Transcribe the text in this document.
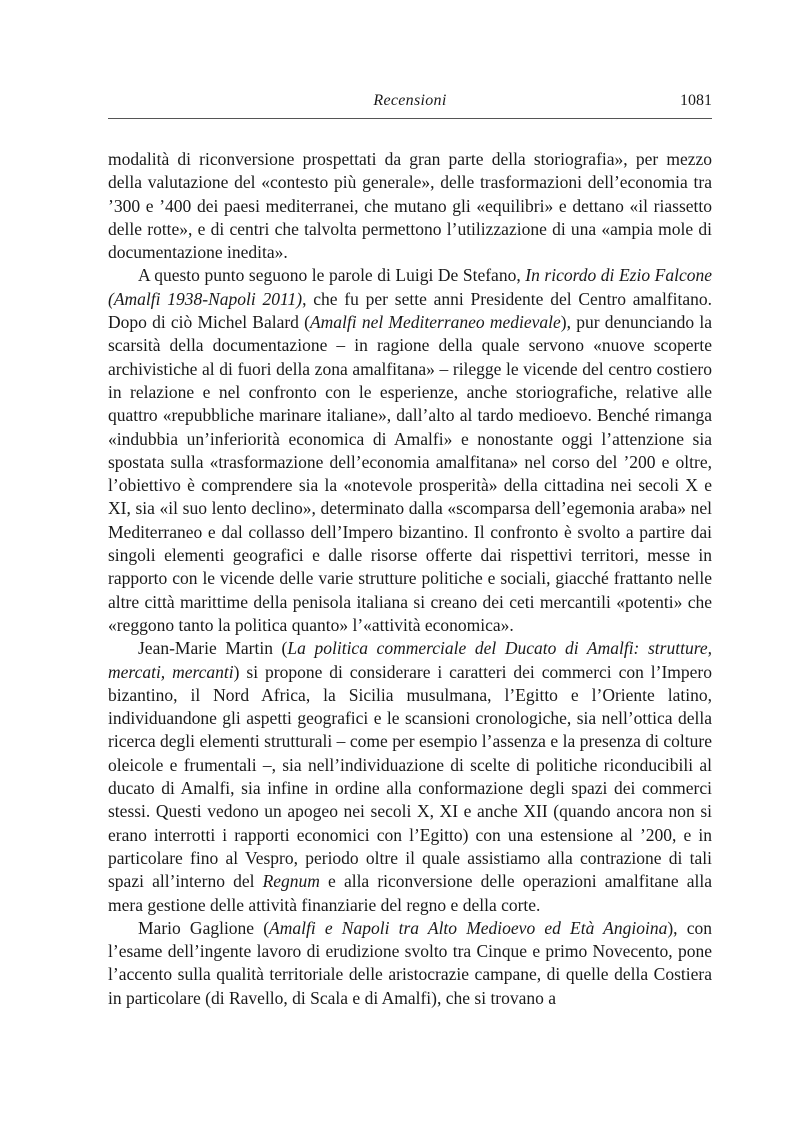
Recensioni	1081

modalità di riconversione prospettati da gran parte della storiografia», per mezzo della valutazione del «contesto più generale», delle trasformazioni dell’economia tra ’300 e ’400 dei paesi mediterranei, che mutano gli «equilibri» e dettano «il riassetto delle rotte», e di centri che talvolta permettono l’utilizzazione di una «ampia mole di documentazione inedita».

A questo punto seguono le parole di Luigi De Stefano, In ricordo di Ezio Falcone (Amalfi 1938-Napoli 2011), che fu per sette anni Presidente del Centro amalfitano. Dopo di ciò Michel Balard (Amalfi nel Mediterraneo medievale), pur denunciando la scarsità della documentazione – in ragione della quale servono «nuove scoperte archivistiche al di fuori della zona amalfitana» – rilegge le vicende del centro costiero in relazione e nel confronto con le esperienze, anche storiografiche, relative alle quattro «repubbliche marinare italiane», dall’alto al tardo medioevo. Benché rimanga «indubbia un’inferiorità economica di Amalfi» e nonostante oggi l’attenzione sia spostata sulla «trasformazione dell’economia amalfitana» nel corso del ’200 e oltre, l’obiettivo è comprendere sia la «notevole prosperità» della cittadina nei secoli X e XI, sia «il suo lento declino», determinato dalla «scomparsa dell’egemonia araba» nel Mediterraneo e dal collasso dell’Impero bizantino. Il confronto è svolto a partire dai singoli elementi geografici e dalle risorse offerte dai rispettivi territori, messe in rapporto con le vicende delle varie strutture politiche e sociali, giacché frattanto nelle altre città marittime della penisola italiana si creano dei ceti mercantili «potenti» che «reggono tanto la politica quanto» l’«attività economica».

Jean-Marie Martin (La politica commerciale del Ducato di Amalfi: strutture, mercati, mercanti) si propone di considerare i caratteri dei commerci con l’Impero bizantino, il Nord Africa, la Sicilia musulmana, l’Egitto e l’Oriente latino, individuandone gli aspetti geografici e le scansioni cronologiche, sia nell’ottica della ricerca degli elementi strutturali – come per esempio l’assenza e la presenza di colture oleicole e frumentali –, sia nell’individuazione di scelte di politiche riconducibili al ducato di Amalfi, sia infine in ordine alla conformazione degli spazi dei commerci stessi. Questi vedono un apogeo nei secoli X, XI e anche XII (quando ancora non si erano interrotti i rapporti economici con l’Egitto) con una estensione al ’200, e in particolare fino al Vespro, periodo oltre il quale assistiamo alla contrazione di tali spazi all’interno del Regnum e alla riconversione delle operazioni amalfitane alla mera gestione delle attività finanziarie del regno e della corte.

Mario Gaglione (Amalfi e Napoli tra Alto Medioevo ed Età Angioina), con l’esame dell’ingente lavoro di erudizione svolto tra Cinque e primo Novecento, pone l’accento sulla qualità territoriale delle aristocrazie campane, di quelle della Costiera in particolare (di Ravello, di Scala e di Amalfi), che si trovano a
